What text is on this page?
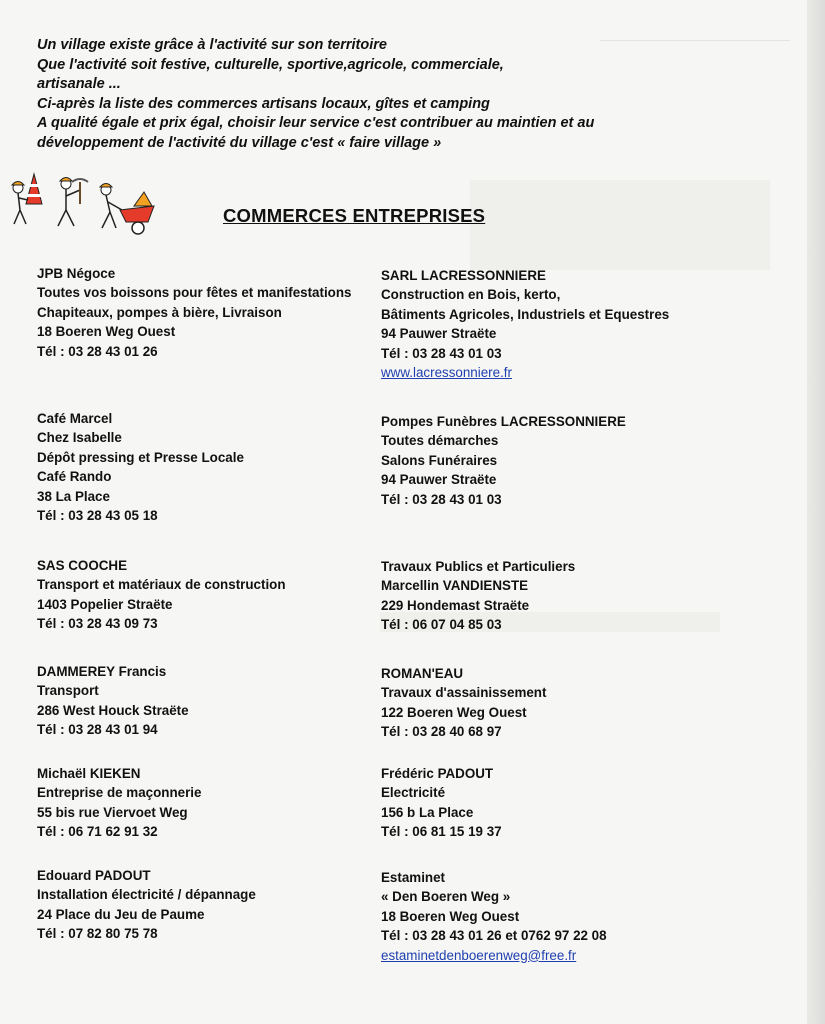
Un village existe grâce à l'activité sur son territoire
Que l'activité soit festive, culturelle, sportive,agricole, commerciale,
artisanale ...
Ci-après la liste des commerces artisans locaux, gîtes et camping
A qualité égale et prix égal, choisir leur service c'est contribuer au maintien et au
développement de l'activité du village c'est « faire village »
COMMERCES ENTREPRISES
JPB Négoce
Toutes vos boissons pour fêtes et manifestations
Chapiteaux, pompes à bière, Livraison
18 Boeren Weg Ouest
Tél : 03 28 43 01 26
Café Marcel
Chez Isabelle
Dépôt pressing et Presse Locale
Café Rando
38 La Place
Tél : 03 28 43 05 18
SAS COOCHE
Transport et matériaux de construction
1403 Popelier Straëte
Tél : 03 28 43 09 73
DAMMEREY Francis
Transport
286 West Houck Straëte
Tél : 03 28 43 01 94
Michaël KIEKEN
Entreprise de maçonnerie
55 bis rue Viervoet Weg
Tél : 06 71 62 91 32
Edouard PADOUT
Installation électricité / dépannage
24 Place du Jeu de Paume
Tél : 07 82 80 75 78
SARL LACRESSONNIERE
Construction en Bois, kerto,
Bâtiments Agricoles, Industriels et Equestres
94 Pauwer Straëte
Tél : 03 28 43 01 03
www.lacressonniere.fr
Pompes Funèbres LACRESSONNIERE
Toutes démarches
Salons Funéraires
94 Pauwer Straëte
Tél : 03 28 43 01 03
Travaux Publics et Particuliers
Marcellin VANDIENSTE
229 Hondemast Straëte
Tél : 06 07 04 85 03
ROMAN'EAU
Travaux d'assainissement
122 Boeren Weg Ouest
Tél : 03 28 40 68 97
Frédéric PADOUT
Electricité
156 b La Place
Tél : 06 81 15 19 37
Estaminet
« Den Boeren Weg »
18 Boeren Weg Ouest
Tél : 03 28 43 01 26 et 0762 97 22 08
estaminetdenboerenweg@free.fr
